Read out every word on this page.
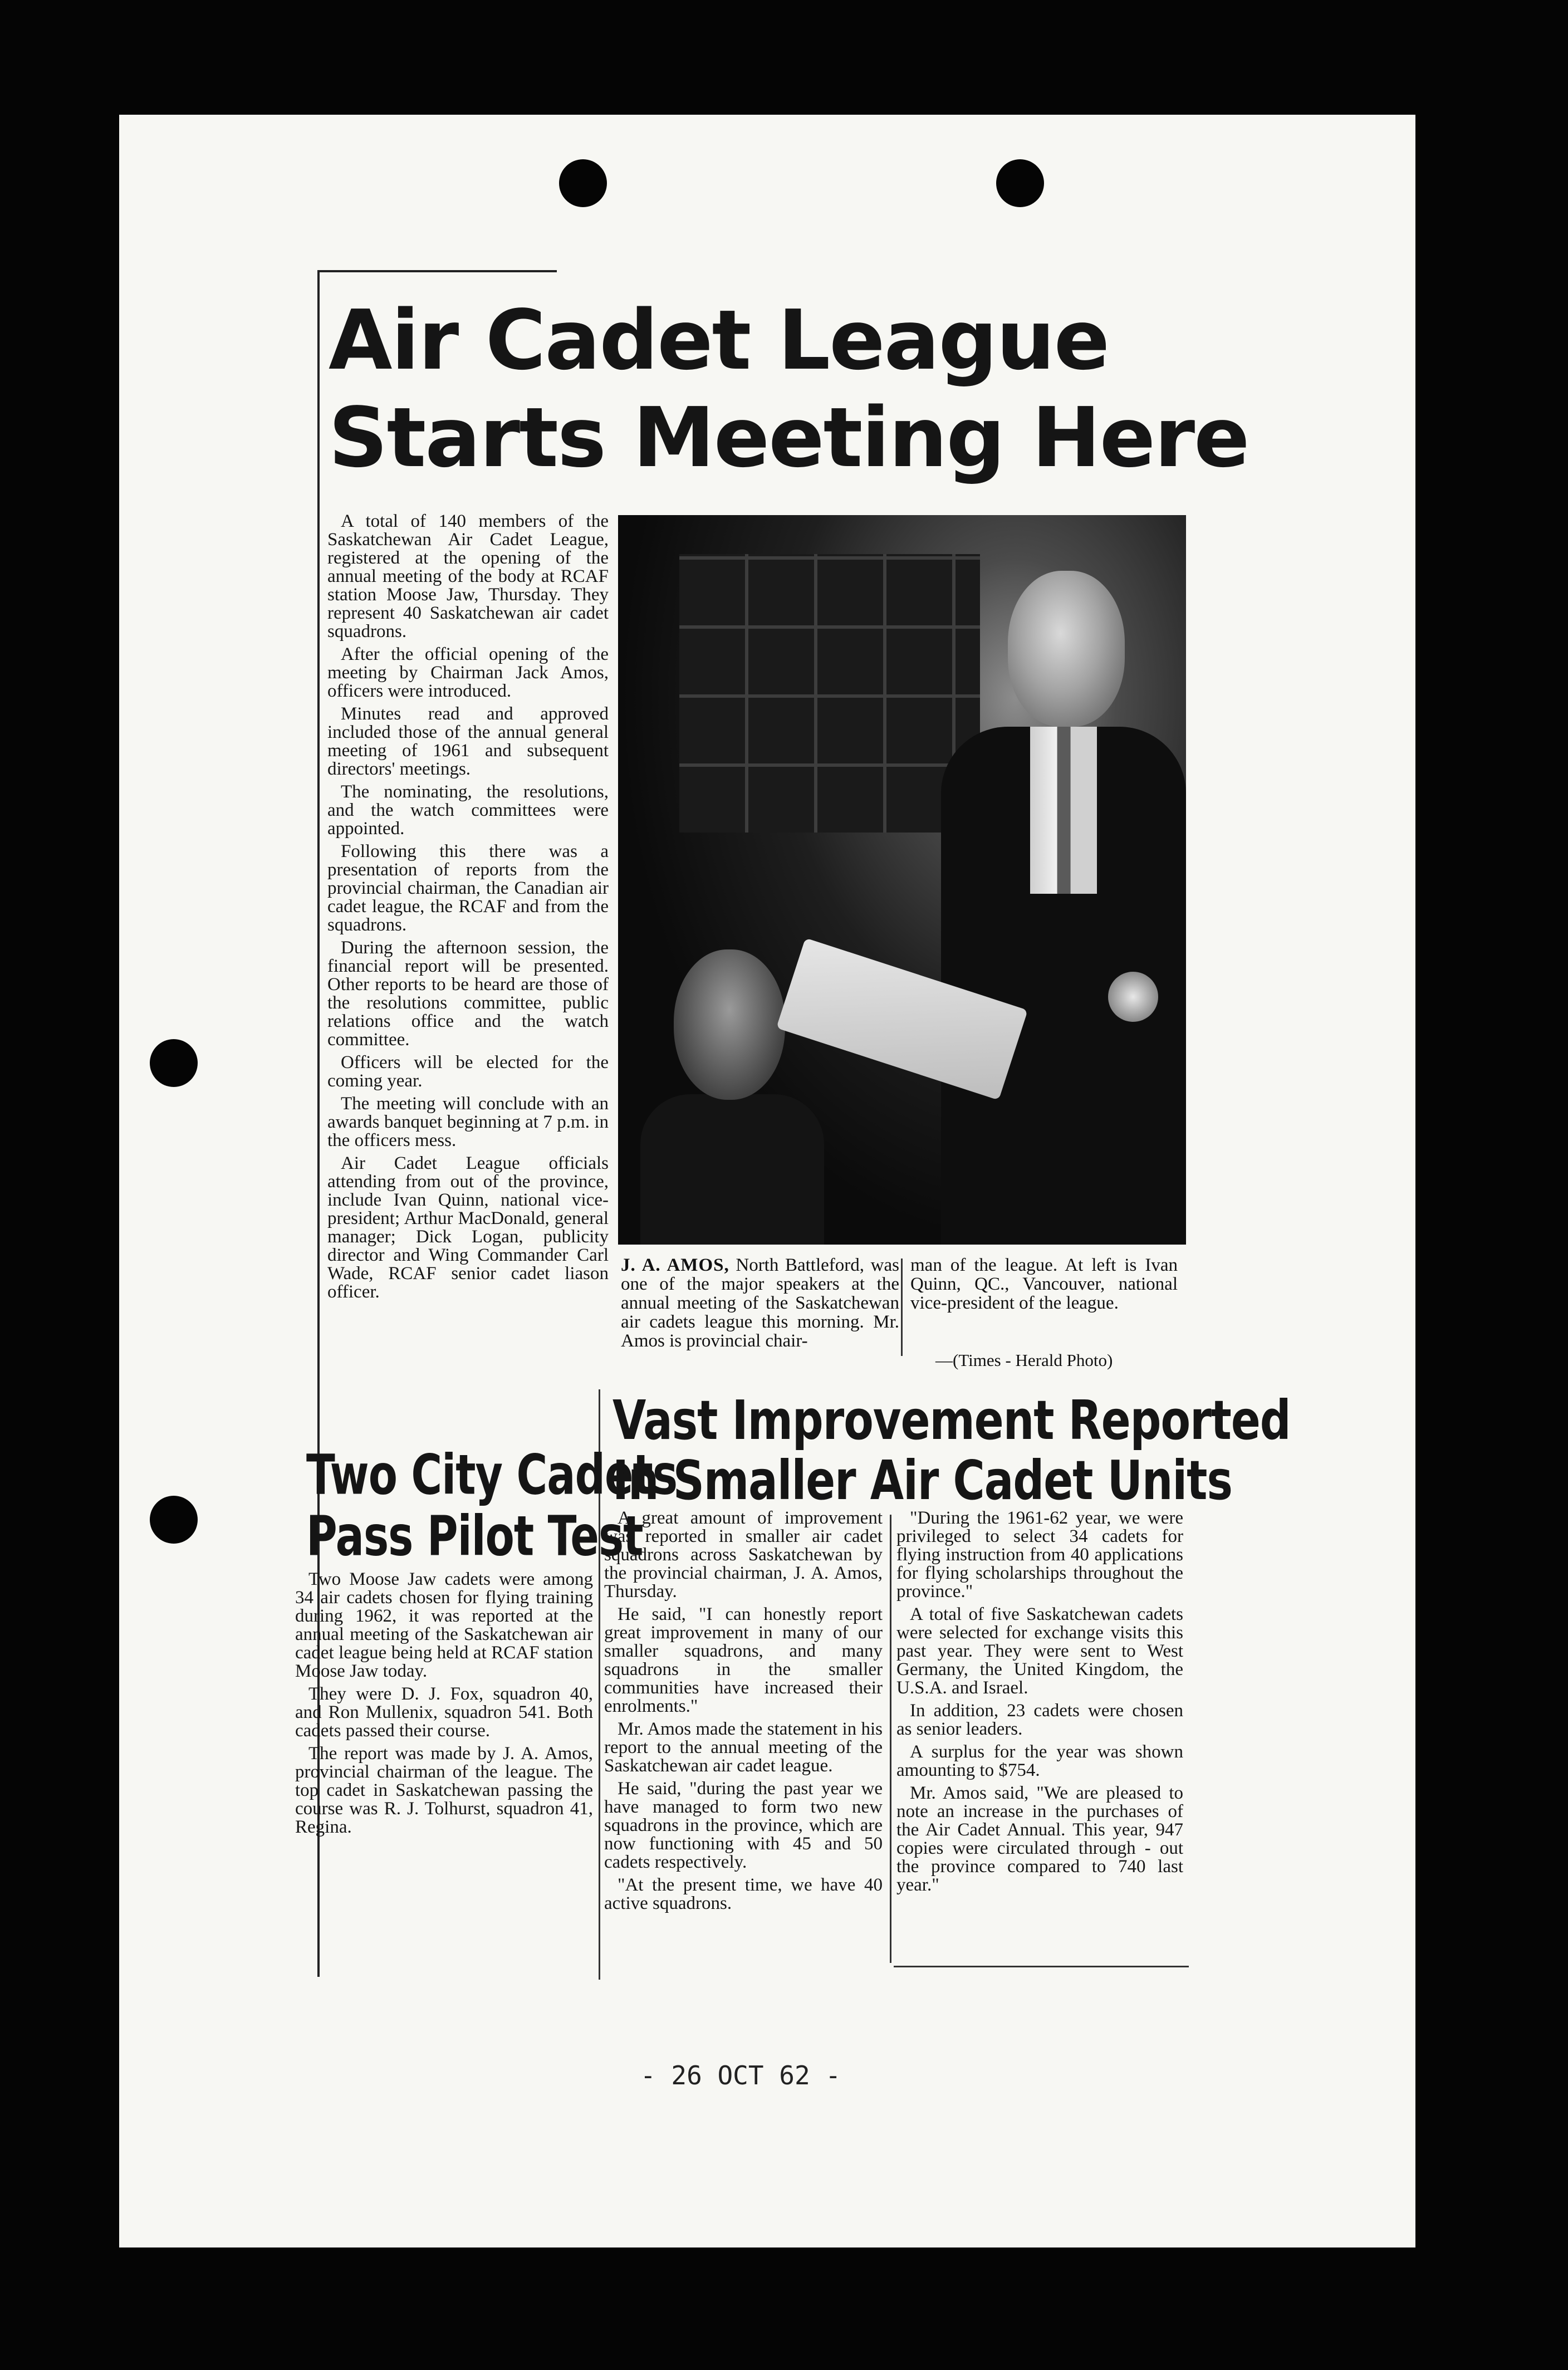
Air Cadet League
Starts Meeting Here

A total of 140 members of the Saskatchewan Air Cadet League, registered at the opening of the annual meeting of the body at RCAF station Moose Jaw, Thursday. They represent 40 Saskatchewan air cadet squadrons.

After the official opening of the meeting by Chairman Jack Amos, officers were introduced.

Minutes read and approved included those of the annual general meeting of 1961 and subsequent directors' meetings.

The nominating, the resolutions, and the watch committees were appointed.

Following this there was a presentation of reports from the provincial chairman, the Canadian air cadet league, the RCAF and from the squadrons.

During the afternoon session, the financial report will be presented. Other reports to be heard are those of the resolutions committee, public relations office and the watch committee.

Officers will be elected for the coming year.

The meeting will conclude with an awards banquet beginning at 7 p.m. in the officers mess.

Air Cadet League officials attending from out of the province, include Ivan Quinn, national vice-president; Arthur MacDonald, general manager; Dick Logan, publicity director and Wing Commander Carl Wade, RCAF senior cadet liason officer.

J. A. AMOS, North Battleford, was one of the major speakers at the annual meeting of the Saskatchewan air cadets league this morning. Mr. Amos is provincial chair-
man of the league. At left is Ivan Quinn, QC., Vancouver, national vice-president of the league.
—(Times - Herald Photo)
Vast Improvement Reported
In Smaller Air Cadet Units

A great amount of improvement was reported in smaller air cadet squadrons across Saskatchewan by the provincial chairman, J. A. Amos, Thursday.

He said, "I can honestly report great improvement in many of our smaller squadrons, and many squadrons in the smaller communities have increased their enrolments."

Mr. Amos made the statement in his report to the annual meeting of the Saskatchewan air cadet league.

He said, "during the past year we have managed to form two new squadrons in the province, which are now functioning with 45 and 50 cadets respectively.

"At the present time, we have 40 active squadrons.

"During the 1961-62 year, we were privileged to select 34 cadets for flying instruction from 40 applications for flying scholarships throughout the province."

A total of five Saskatchewan cadets were selected for exchange visits this past year. They were sent to West Germany, the United Kingdom, the U.S.A. and Israel.

In addition, 23 cadets were chosen as senior leaders.

A surplus for the year was shown amounting to $754.

Mr. Amos said, "We are pleased to note an increase in the purchases of the Air Cadet Annual. This year, 947 copies were circulated through - out the province compared to 740 last year."

Two City Cadets
Pass Pilot Test

Two Moose Jaw cadets were among 34 air cadets chosen for flying training during 1962, it was reported at the annual meeting of the Saskatchewan air cadet league being held at RCAF station Moose Jaw today.

They were D. J. Fox, squadron 40, and Ron Mullenix, squadron 541. Both cadets passed their course.

The report was made by J. A. Amos, provincial chairman of the league. The top cadet in Saskatchewan passing the course was R. J. Tolhurst, squadron 41, Regina.

- 26 OCT 62 -
